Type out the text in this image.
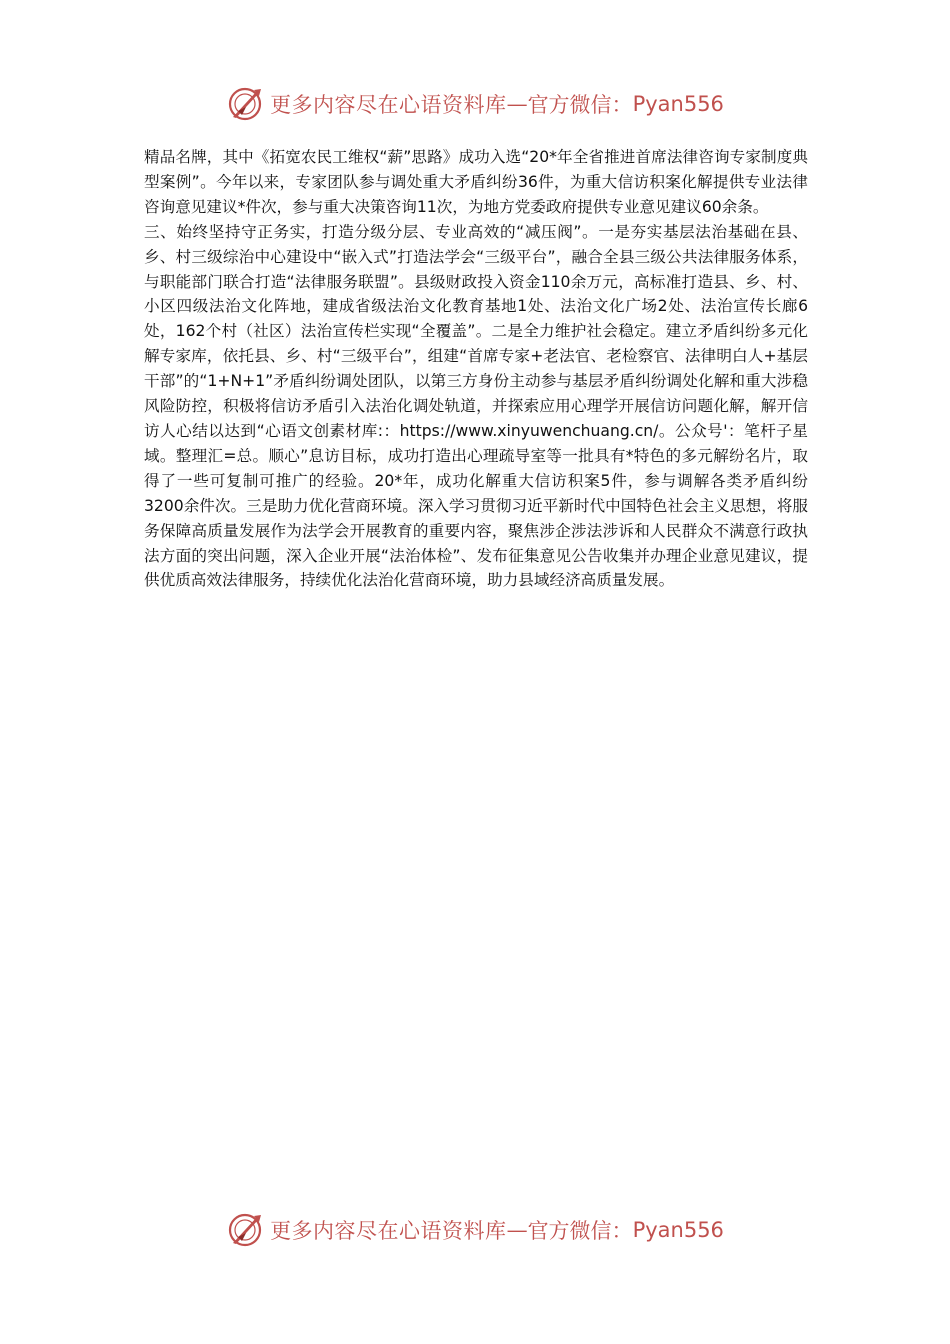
更多内容尽在心语资料库 — 官方微信： Pyan556

精品名牌，其中《拓宽农民工维权“薪”思路》成功入选“20*年全省推进首席法律咨询专家制度典型案例”。今年以来，专家团队参与调处重大矛盾纠纷36件，为重大信访积案化解提供专业法律咨询意见建议*件次，参与重大决策咨询11次，为地方党委政府提供专业意见建议60余条。

三、始终坚持守正务实，打造分级分层、专业高效的“减压阀”。一是夯实基层法治基础在县、乡、村三级综治中心建设中“嵌入式”打造法学会“三级平台”，融合全县三级公共法律服务体系，与职能部门联合打造“法律服务联盟”。县级财政投入资金110余万元，高标准打造县、乡、村、小区四级法治文化阵地，建成省级法治文化教育基地1处、法治文化广场2处、法治宣传长廊6处，162个村（社区）法治宣传栏实现“全覆盖”。二是全力维护社会稳定。建立矛盾纠纷多元化解专家库，依托县、乡、村“三级平台”，组建“首席专家+老法官、老检察官、法律明白人+基层干部”的“1+N+1”矛盾纠纷调处团队，以第三方身份主动参与基层矛盾纠纷调处化解和重大涉稳风险防控，积极将信访矛盾引入法治化调处轨道，并探索应用心理学开展信访问题化解，解开信访人心结以达到“心语文创素材库:：https://www.xinyuwenchuang.cn/。公众号'：笔杆子星域。整理汇=总。顺心”息访目标，成功打造出心理疏导室等一批具有*特色的多元解纷名片，取得了一些可复制可推广的经验。20*年，成功化解重大信访积案5件，参与调解各类矛盾纠纷3200余件次。三是助力优化营商环境。深入学习贯彻习近平新时代中国特色社会主义思想，将服务保障高质量发展作为法学会开展教育的重要内容，聚焦涉企涉法涉诉和人民群众不满意行政执法方面的突出问题，深入企业开展“法治体检”、发布征集意见公告收集并办理企业意见建议，提供优质高效法律服务，持续优化法治化营商环境，助力县域经济高质量发展。

更多内容尽在心语资料库 — 官方微信： Pyan556
